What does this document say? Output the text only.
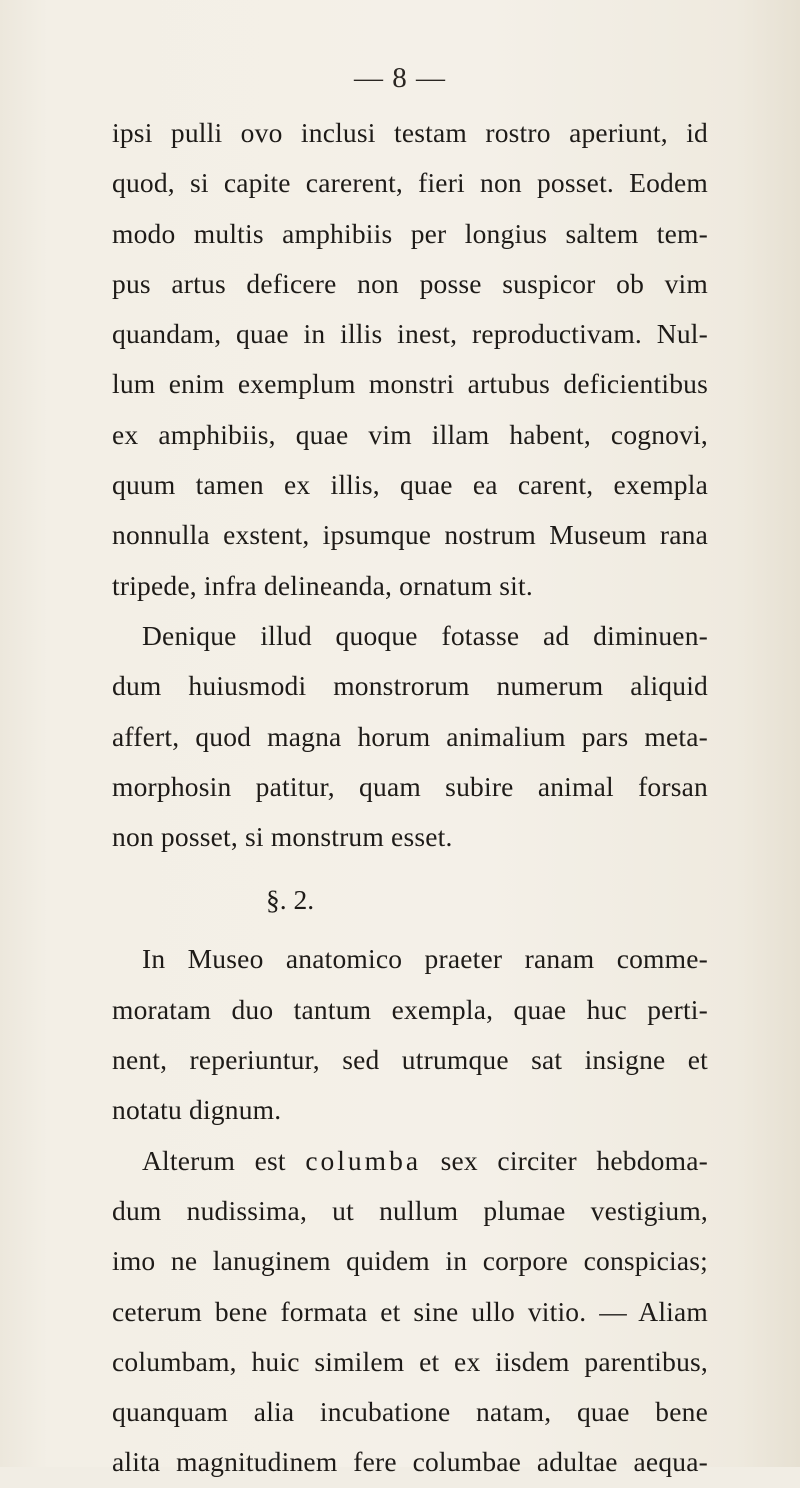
— 8 —
ipsi pulli ovo inclusi testam rostro aperiunt, id
quod, si capite carerent, fieri non posset. Eodem
modo multis amphibiis per longius saltem tem-
pus artus deficere non posse suspicor ob vim
quandam, quae in illis inest, reproductivam. Nul-
lum enim exemplum monstri artubus deficientibus
ex amphibiis, quae vim illam habent, cognovi,
quum tamen ex illis, quae ea carent, exempla
nonnulla exstent, ipsumque nostrum Museum rana
tripede, infra delineanda, ornatum sit.
Denique illud quoque fotasse ad diminuen-
dum huiusmodi monstrorum numerum aliquid
affert, quod magna horum animalium pars meta-
morphosin patitur, quam subire animal forsan
non posset, si monstrum esset.
§. 2.
In Museo anatomico praeter ranam comme-
moratam duo tantum exempla, quae huc perti-
nent, reperiuntur, sed utrumque sat insigne et
notatu dignum.
Alterum est columba sex circiter hebdoma-
dum nudissima, ut nullum plumae vestigium,
imo ne lanuginem quidem in corpore conspicias;
ceterum bene formata et sine ullo vitio. — Aliam
columbam, huic similem et ex iisdem parentibus,
quanquam alia incubatione natam, quae bene
alita magnitudinem fere columbae adultae aequa-
